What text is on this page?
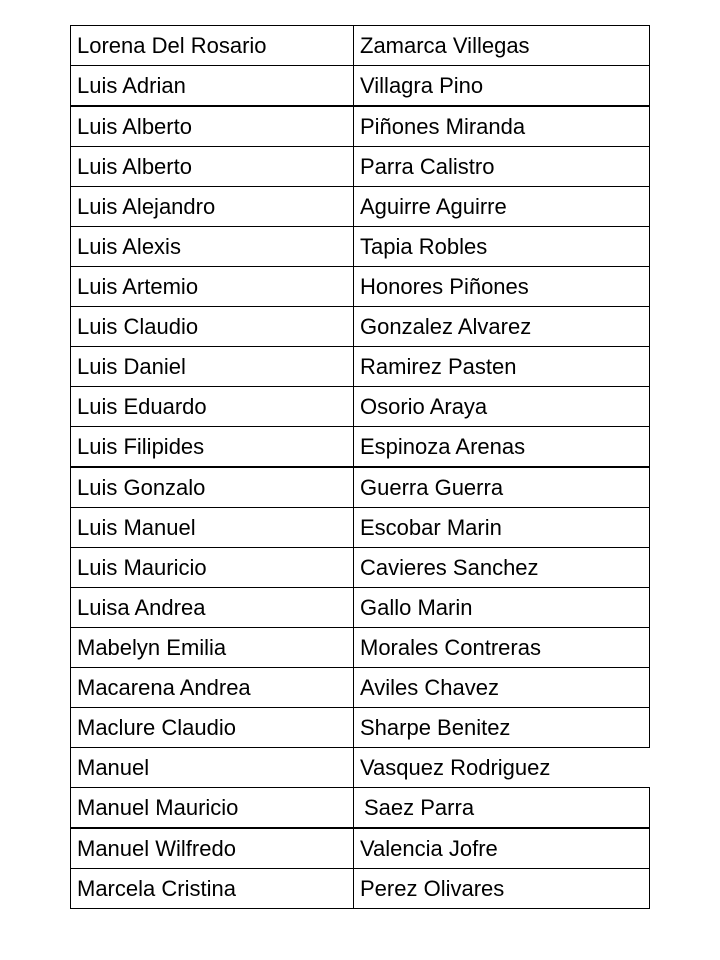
Lorena Del Rosario	Zamarca Villegas
Luis Adrian	Villagra Pino
Luis Alberto	Piñones Miranda
Luis Alberto	Parra Calistro
Luis Alejandro	Aguirre Aguirre
Luis Alexis	Tapia Robles
Luis Artemio	Honores Piñones
Luis Claudio	Gonzalez Alvarez
Luis Daniel	Ramirez Pasten
Luis Eduardo	Osorio Araya
Luis Filipides	Espinoza Arenas
Luis Gonzalo	Guerra Guerra
Luis Manuel	Escobar Marin
Luis Mauricio	Cavieres Sanchez
Luisa Andrea	Gallo Marin
Mabelyn Emilia	Morales Contreras
Macarena Andrea	Aviles Chavez
Maclure Claudio	Sharpe Benitez
Manuel	Vasquez Rodriguez
Manuel Mauricio	Saez Parra
Manuel Wilfredo	Valencia Jofre
Marcela Cristina	Perez Olivares
